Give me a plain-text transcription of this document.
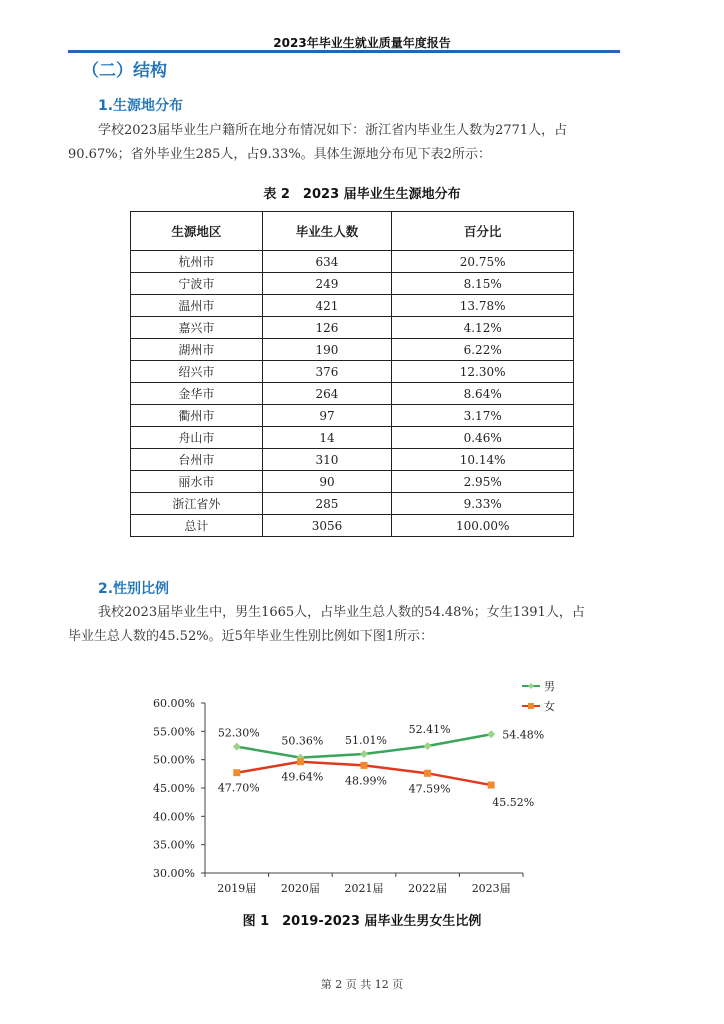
2023年毕业生就业质量年度报告
（二）结构
1.生源地分布
学校2023届毕业生户籍所在地分布情况如下：浙江省内毕业生人数为2771人，占
90.67%；省外毕业生285人，占9.33%。具体生源地分布见下表2所示：
表 2　2023 届毕业生生源地分布
生源地区	毕业生人数	百分比
杭州市	634	20.75%
宁波市	249	8.15%
温州市	421	13.78%
嘉兴市	126	4.12%
湖州市	190	6.22%
绍兴市	376	12.30%
金华市	264	8.64%
衢州市	97	3.17%
舟山市	14	0.46%
台州市	310	10.14%
丽水市	90	2.95%
浙江省外	285	9.33%
总计	3056	100.00%
2.性别比例
我校2023届毕业生中，男生1665人，占毕业生总人数的54.48%；女生1391人，占
毕业生总人数的45.52%。近5年毕业生性别比例如下图1所示：
30.00%
35.00%
40.00%
45.00%
50.00%
55.00%
60.00%
2019届 2020届 2021届 2022届 2023届
52.30%
50.36% 51.01%
52.41%	54.48%
47.70%
49.64% 48.99%
47.59%
45.52%
男
女
图 1　2019-2023 届毕业生男女生比例
第 2 页 共 12 页
